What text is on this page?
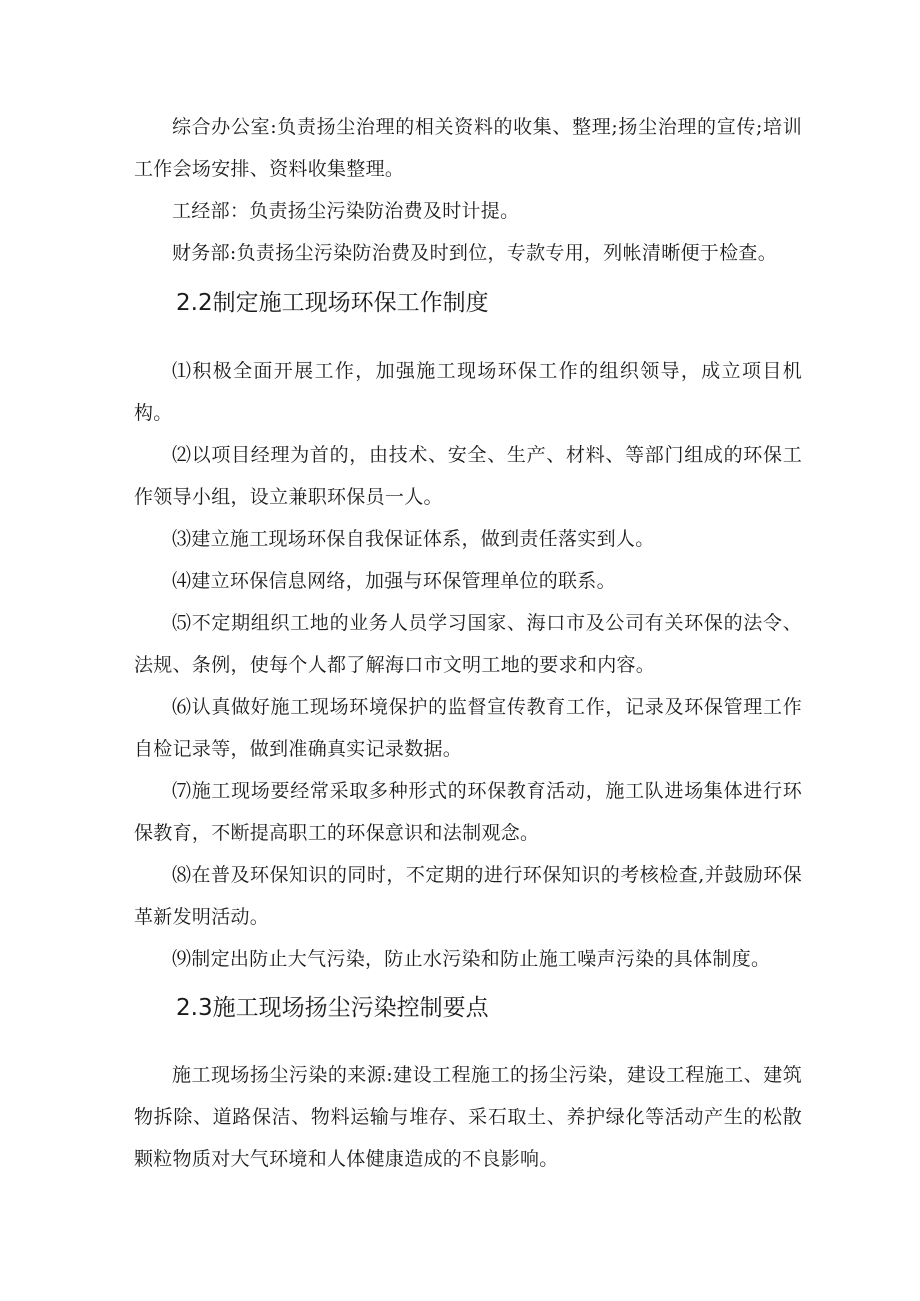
综合办公室:负责扬尘治理的相关资料的收集、整理;扬尘治理的宣传;培训工作会场安排、资料收集整理。

工经部：负责扬尘污染防治费及时计提。

财务部:负责扬尘污染防治费及时到位，专款专用，列帐清晰便于检查。

2.2制定施工现场环保工作制度

⑴积极全面开展工作，加强施工现场环保工作的组织领导，成立项目机构。

⑵以项目经理为首的，由技术、安全、生产、材料、等部门组成的环保工作领导小组，设立兼职环保员一人。

⑶建立施工现场环保自我保证体系，做到责任落实到人。

⑷建立环保信息网络，加强与环保管理单位的联系。

⑸不定期组织工地的业务人员学习国家、海口市及公司有关环保的法令、法规、条例，使每个人都了解海口市文明工地的要求和内容。

⑹认真做好施工现场环境保护的监督宣传教育工作，记录及环保管理工作自检记录等，做到准确真实记录数据。

⑺施工现场要经常采取多种形式的环保教育活动，施工队进场集体进行环保教育，不断提高职工的环保意识和法制观念。

⑻在普及环保知识的同时，不定期的进行环保知识的考核检查,并鼓励环保革新发明活动。

⑼制定出防止大气污染，防止水污染和防止施工噪声污染的具体制度。

2.3施工现场扬尘污染控制要点

施工现场扬尘污染的来源:建设工程施工的扬尘污染，建设工程施工、建筑物拆除、道路保洁、物料运输与堆存、采石取土、养护绿化等活动产生的松散颗粒物质对大气环境和人体健康造成的不良影响。
